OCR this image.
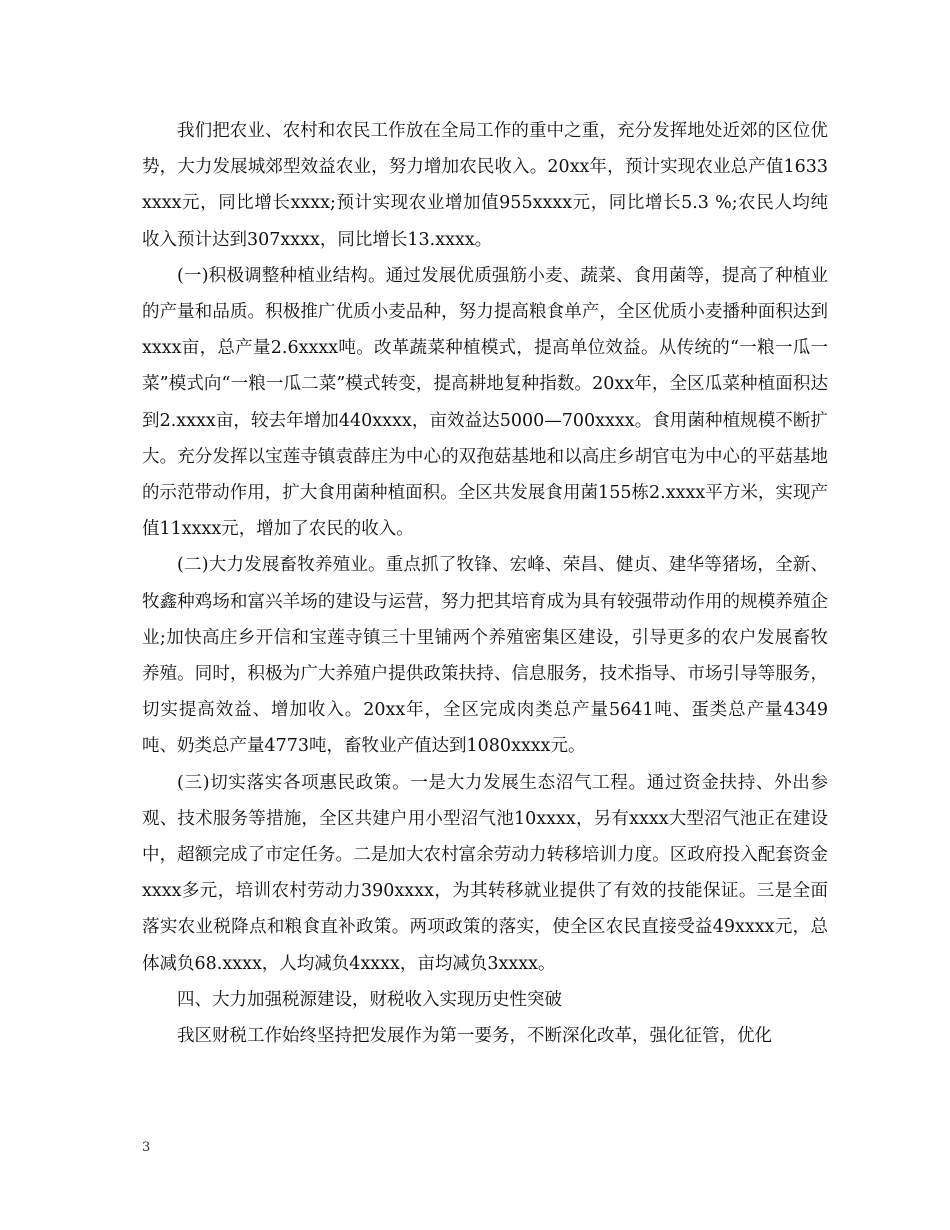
我们把农业、农村和农民工作放在全局工作的重中之重，充分发挥地处近郊的区位优势，大力发展城郊型效益农业，努力增加农民收入。20xx年，预计实现农业总产值1633xxxx元，同比增长xxxx;预计实现农业增加值955xxxx元，同比增长5.3 %;农民人均纯收入预计达到307xxxx，同比增长13.xxxx。

(一)积极调整种植业结构。通过发展优质强筋小麦、蔬菜、食用菌等，提高了种植业的产量和品质。积极推广优质小麦品种，努力提高粮食单产，全区优质小麦播种面积达到xxxx亩，总产量2.6xxxx吨。改革蔬菜种植模式，提高单位效益。从传统的“一粮一瓜一菜”模式向“一粮一瓜二菜”模式转变，提高耕地复种指数。20xx年，全区瓜菜种植面积达到2.xxxx亩，较去年增加440xxxx，亩效益达5000—700xxxx。食用菌种植规模不断扩大。充分发挥以宝莲寺镇袁薛庄为中心的双孢菇基地和以高庄乡胡官屯为中心的平菇基地的示范带动作用，扩大食用菌种植面积。全区共发展食用菌155栋2.xxxx平方米，实现产值11xxxx元，增加了农民的收入。

(二)大力发展畜牧养殖业。重点抓了牧锋、宏峰、荣昌、健贞、建华等猪场，全新、牧鑫种鸡场和富兴羊场的建设与运营，努力把其培育成为具有较强带动作用的规模养殖企业;加快高庄乡开信和宝莲寺镇三十里铺两个养殖密集区建设，引导更多的农户发展畜牧养殖。同时，积极为广大养殖户提供政策扶持、信息服务，技术指导、市场引导等服务，切实提高效益、增加收入。20xx年，全区完成肉类总产量5641吨、蛋类总产量4349吨、奶类总产量4773吨，畜牧业产值达到1080xxxx元。

(三)切实落实各项惠民政策。一是大力发展生态沼气工程。通过资金扶持、外出参观、技术服务等措施，全区共建户用小型沼气池10xxxx，另有xxxx大型沼气池正在建设中，超额完成了市定任务。二是加大农村富余劳动力转移培训力度。区政府投入配套资金xxxx多元，培训农村劳动力390xxxx，为其转移就业提供了有效的技能保证。三是全面落实农业税降点和粮食直补政策。两项政策的落实，使全区农民直接受益49xxxx元，总体减负68.xxxx，人均减负4xxxx，亩均减负3xxxx。

四、大力加强税源建设，财税收入实现历史性突破

我区财税工作始终坚持把发展作为第一要务，不断深化改革，强化征管，优化

3
